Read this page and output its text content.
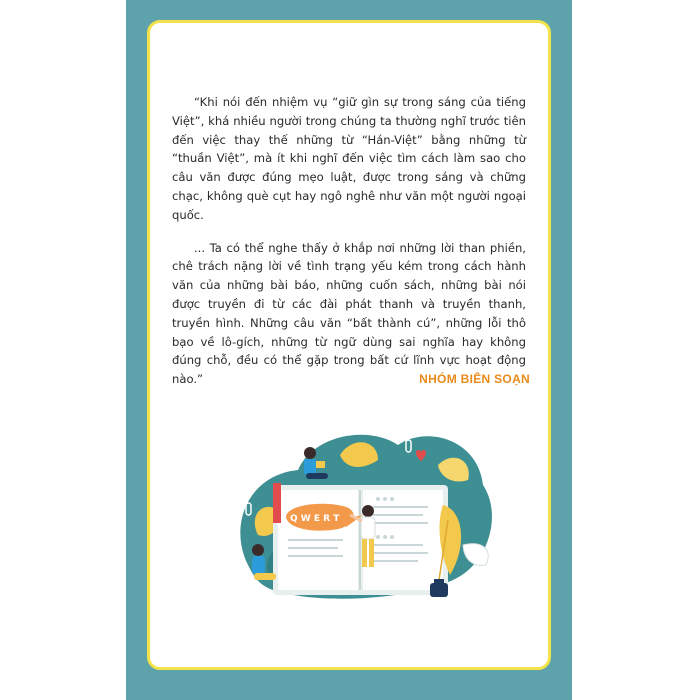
“Khi nói đến nhiệm vụ “giữ gìn sự trong sáng của tiếng Việt”, khá nhiều người trong chúng ta thường nghĩ trước tiên đến việc thay thế những từ “Hán-Việt” bằng những từ “thuần Việt”, mà ít khi nghĩ đến việc tìm cách làm sao cho câu văn được đúng mẹo luật, được trong sáng và chững chạc, không què cụt hay ngô nghê như văn một người ngoại quốc.

... Ta có thể nghe thấy ở khắp nơi những lời than phiền, chê trách nặng lời về tình trạng yếu kém trong cách hành văn của những bài báo, những cuốn sách, những bài nói được truyền đi từ các đài phát thanh và truyền thanh, truyền hình. Những câu văn “bất thành cú”, những lỗi thô bạo về lô-gích, những từ ngữ dùng sai nghĩa hay không đúng chỗ, đều có thể gặp trong bất cứ lĩnh vực hoạt động nào.”	NHÓM BIÊN SOẠN
Q W E R T
